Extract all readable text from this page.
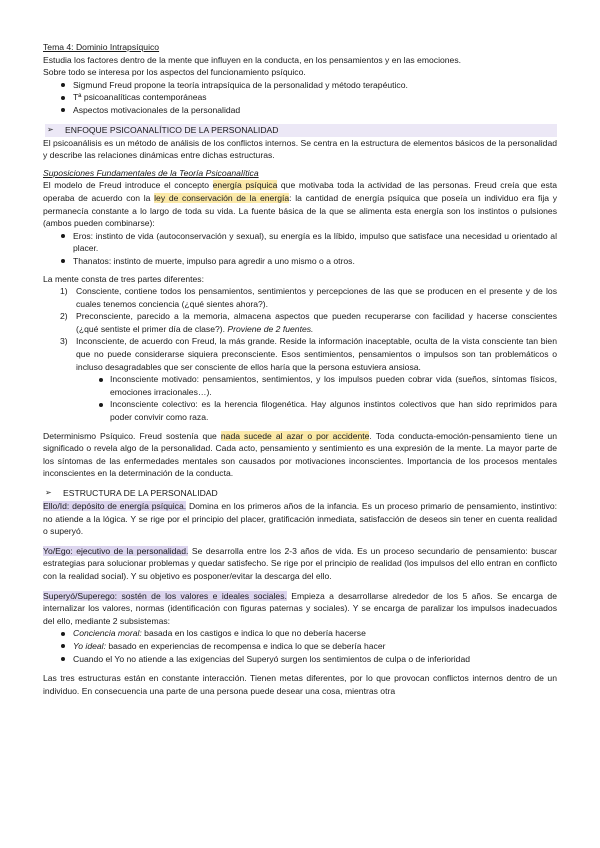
Tema 4: Dominio Intrapsíquico

Estudia los factores dentro de la mente que influyen en la conducta, en los pensamientos y en las emociones.

Sobre todo se interesa por los aspectos del funcionamiento psíquico.

Sigmund Freud propone la teoría intrapsíquica de la personalidad y método terapéutico.
Tª psicoanalíticas contemporáneas
Aspectos motivacionales de la personalidad
➢	ENFOQUE PSICOANALÍTICO DE LA PERSONALIDAD

El psicoanálisis es un método de análisis de los conflictos internos. Se centra en la estructura de elementos básicos de la personalidad y describe las relaciones dinámicas entre dichas estructuras.

Suposiciones Fundamentales de la Teoría Psicoanalítica

El modelo de Freud introduce el concepto energía psíquica que motivaba toda la actividad de las personas. Freud creía que esta operaba de acuerdo con la ley de conservación de la energía: la cantidad de energía psíquica que poseía un individuo era fija y permanecía constante a lo largo de toda su vida. La fuente básica de la que se alimenta esta energía son los instintos o pulsiones (ambos pueden combinarse):

Eros: instinto de vida (autoconservación y sexual), su energía es la líbido, impulso que satisface una necesidad u orientado al placer.
Thanatos: instinto de muerte, impulso para agredir a uno mismo o a otros.

La mente consta de tres partes diferentes:

1) Consciente, contiene todos los pensamientos, sentimientos y percepciones de las que se producen en el presente y de los cuales tenemos conciencia (¿qué sientes ahora?).
2) Preconsciente, parecido a la memoria, almacena aspectos que pueden recuperarse con facilidad y hacerse conscientes (¿qué sentiste el primer día de clase?). Proviene de 2 fuentes.
3) Inconsciente, de acuerdo con Freud, la más grande. Reside la información inaceptable, oculta de la vista consciente tan bien que no puede considerarse siquiera preconsciente. Esos sentimientos, pensamientos o impulsos son tan problemáticos o incluso desagradables que ser consciente de ellos haría que la persona estuviera ansiosa.
Inconsciente motivado: pensamientos, sentimientos, y los impulsos pueden cobrar vida (sueños, síntomas físicos, emociones irracionales…).
Inconsciente colectivo: es la herencia filogenética. Hay algunos instintos colectivos que han sido reprimidos para poder convivir como raza.

Determinismo Psíquico. Freud sostenía que nada sucede al azar o por accidente. Toda conducta-emoción-pensamiento tiene un significado o revela algo de la personalidad. Cada acto, pensamiento y sentimiento es una expresión de la mente. La mayor parte de los síntomas de las enfermedades mentales son causados por motivaciones inconscientes. Importancia de los procesos mentales inconscientes en la determinación de la conducta.

➢	ESTRUCTURA DE LA PERSONALIDAD

Ello/Id: depósito de energía psíquica. Domina en los primeros años de la infancia. Es un proceso primario de pensamiento, instintivo: no atiende a la lógica. Y se rige por el principio del placer, gratificación inmediata, satisfacción de deseos sin tener en cuenta realidad o superyó.

Yo/Ego: ejecutivo de la personalidad. Se desarrolla entre los 2-3 años de vida. Es un proceso secundario de pensamiento: buscar estrategias para solucionar problemas y quedar satisfecho. Se rige por el principio de realidad (los impulsos del ello entran en conflicto con la realidad social). Y su objetivo es posponer/evitar la descarga del ello.

Superyó/Superego: sostén de los valores e ideales sociales. Empieza a desarrollarse alrededor de los 5 años. Se encarga de internalizar los valores, normas (identificación con figuras paternas y sociales). Y se encarga de paralizar los impulsos inadecuados del ello, mediante 2 subsistemas:

Conciencia moral: basada en los castigos e indica lo que no debería hacerse
Yo ideal: basado en experiencias de recompensa e indica lo que se debería hacer
Cuando el Yo no atiende a las exigencias del Superyó surgen los sentimientos de culpa o de inferioridad

Las tres estructuras están en constante interacción. Tienen metas diferentes, por lo que provocan conflictos internos dentro de un individuo. En consecuencia una parte de una persona puede desear una cosa, mientras otra
